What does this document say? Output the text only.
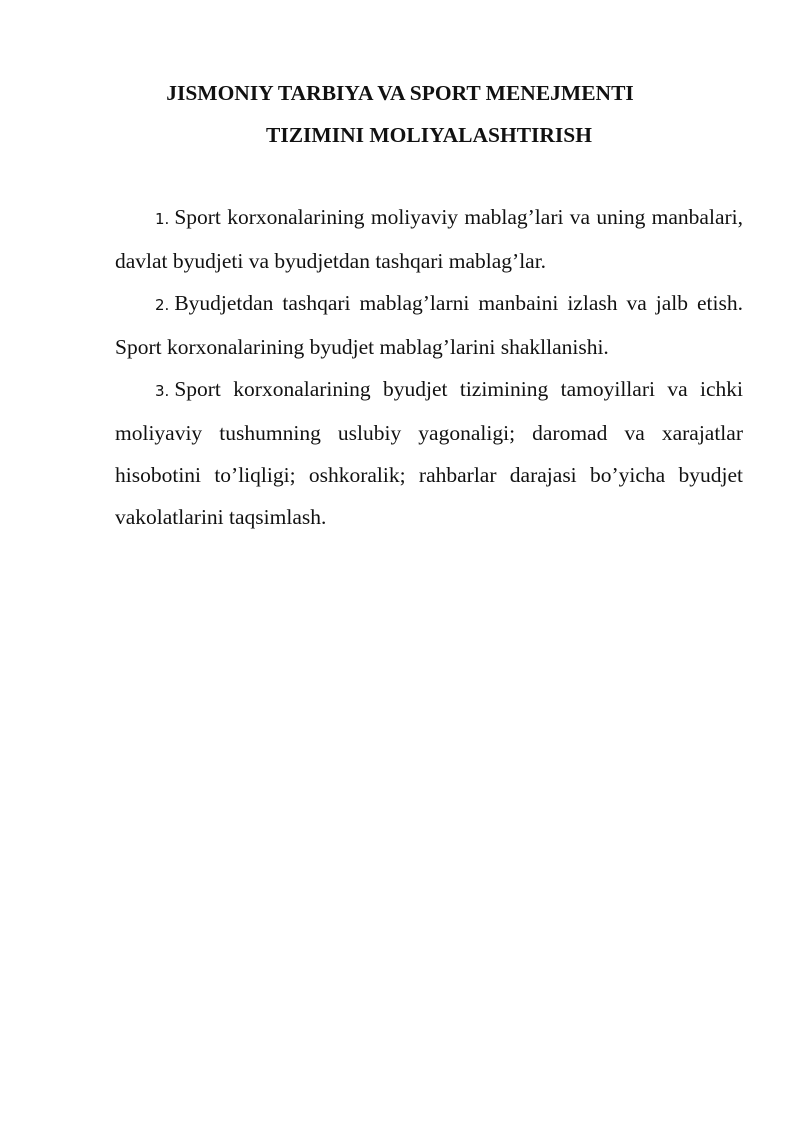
JISMONIY TARBIYA VA SPORT MENEJMENTI
TIZIMINI MOLIYALASHTIRISH

1. Sport korxonalarining moliyaviy mablag’lari va uning manbalari, davlat byudjeti va byudjetdan tashqari mablag’lar.

2. Byudjetdan tashqari mablag’larni manbaini izlash va jalb etish. Sport korxonalarining byudjet mablag’larini shakllanishi.

3. Sport korxonalarining byudjet tizimining tamoyillari va ichki moliyaviy tushumning uslubiy yagonaligi; daromad va xarajatlar hisobotini to’liqligi; oshkoralik; rahbarlar darajasi bo’yicha byudjet vakolatlarini taqsimlash.
